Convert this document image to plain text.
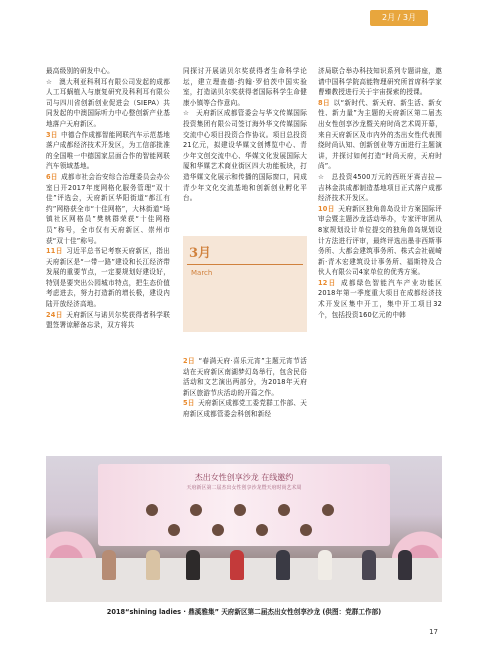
2月 / 3月

最高级别的研发中心。

☆　澳大利亚科利耳有限公司发起的成都人工耳蜗植入与康复研究及科利耳有限公司与四川省创新创业促进会（SIEPA）共同发起的中澳国际听力中心整创新产业基地落户天府新区。

3日  中德合作成都智能网联汽车示范基地落户成都经济技术开发区，为工信部批准的全国唯一中德国家层面合作的智能网联汽车领域基地。

6日  成都市社会治安综合治理委员会办公室日开2017年度网格化服务管理“双十佳”评选会，天府新区华阳街道“都江有约”网格获全市“十佳网格”，大林街道“场镇社区网格员”樊桃群荣获“十佳网格员”称号，全市仅有天府新区、崇州市获“双十佳”称号。

11日  习近平总书记考察天府新区，指出天府新区是“一带一路”建设和长江经济带发展的重要节点，一定要规划好建设好，特别是要突出公园城市特点，把生态价值考虑进去，努力打造新的增长极，建设内陆开放经济高地。

24日  天府新区与诺贝尔奖获得者科学联盟签署谅解备忘录，双方将共

同探讨开展诺贝尔奖获得者生命科学论坛，建立理查德·约翰·罗伯茨中国实验室，打造诺贝尔奖获得者国际科学生命健康小镇等合作意向。

☆　天府新区成都管委会与华文传媒国际投资集团有限公司签订海外华文传媒国际交流中心项目投资合作协议。项目总投资21亿元，拟建设华媒文创博览中心、青少年文创交流中心、华媒文化发展国际大厦和华媒艺术商业街区四大功能板块，打造华媒文化展示和传播的国际窗口，同成青少年文化交流基地和创新创业孵化平台。

3月
March

2日  “春满天府·喜乐元宵”主题元宵节活动在天府新区南湖梦幻岛举行，包含民俗活动和文艺演出两部分，为2018年天府新区旅游节庆活动的开篇之作。

5日  天府新区成都党工委党群工作部、天府新区成都管委会科创和新经

济局联合举办科技知识系列专题讲座，邀请中国科学院高能物理研究所首席科学家曹臻教授进行关于宇宙探索的授课。

8日  以“新时代、新天府、新生活、新女性、新力量”为主题的天府新区第二届杰出女性创享沙龙暨关府时尚艺术周开幕，来自天府新区及市内外的杰出女性代表围绕时尚认知、创新创业等方面进行主题演讲，并探讨如何打造“时尚天府，天府时尚”。

☆　总投资4500万元的西班牙赛吉拉—吉林金洪成都制造基地项目正式落户成都经济技术开发区。

10日  天府新区独角兽岛设计方案国际评审会暨主题沙龙活动举办，专家评审团从8家规划设计单位提交的独角兽岛规划设计方法进行评审，最终评选出墨非西斯事务所、大都会建筑事务所、株式会社砚崎新·青木宏建筑设计事务所、福斯特及合伙人有限公司4家单位的优秀方案。

12日  成都绿色智能汽车产业功能区2018年第一季度重大项目在成都经济技术开发区集中开工，集中开工项目32个，包括投资160亿元的中韩

杰出女性创享沙龙 在线邀约
天府新区第二届杰出女性创享沙龙暨天府时尚艺术周
2018“shining ladies · 鼎溪雅集” 天府新区第二届杰出女性创享沙龙 (供图：党群工作部)
17
